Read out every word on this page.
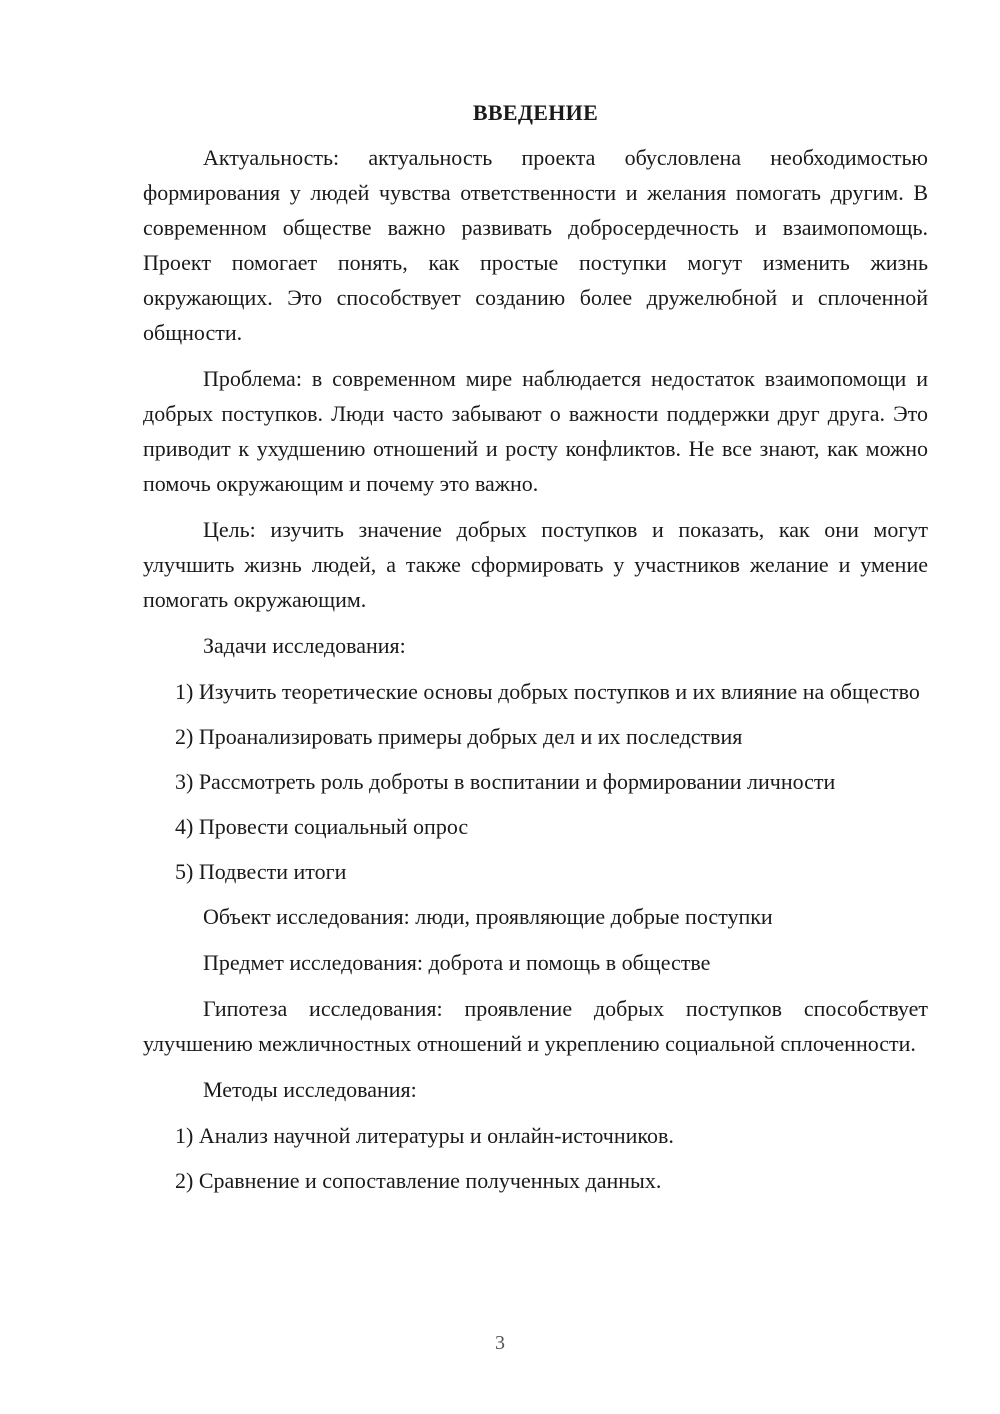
ВВЕДЕНИЕ

Актуальность: актуальность проекта обусловлена необходимостью формирования у людей чувства ответственности и желания помогать другим. В современном обществе важно развивать добросердечность и взаимопомощь. Проект помогает понять, как простые поступки могут изменить жизнь окружающих. Это способствует созданию более дружелюбной и сплоченной общности.

Проблема: в современном мире наблюдается недостаток взаимопомощи и добрых поступков. Люди часто забывают о важности поддержки друг друга. Это приводит к ухудшению отношений и росту конфликтов. Не все знают, как можно помочь окружающим и почему это важно.

Цель: изучить значение добрых поступков и показать, как они могут улучшить жизнь людей, а также сформировать у участников желание и умение помогать окружающим.

Задачи исследования:

1) Изучить теоретические основы добрых поступков и их влияние на общество

2) Проанализировать примеры добрых дел и их последствия

3) Рассмотреть роль доброты в воспитании и формировании личности

4) Провести социальный опрос

5) Подвести итоги

Объект исследования: люди, проявляющие добрые поступки

Предмет исследования: доброта и помощь в обществе

Гипотеза исследования: проявление добрых поступков способствует улучшению межличностных отношений и укреплению социальной сплоченности.

Методы исследования:

1) Анализ научной литературы и онлайн-источников.

2) Сравнение и сопоставление полученных данных.

3
